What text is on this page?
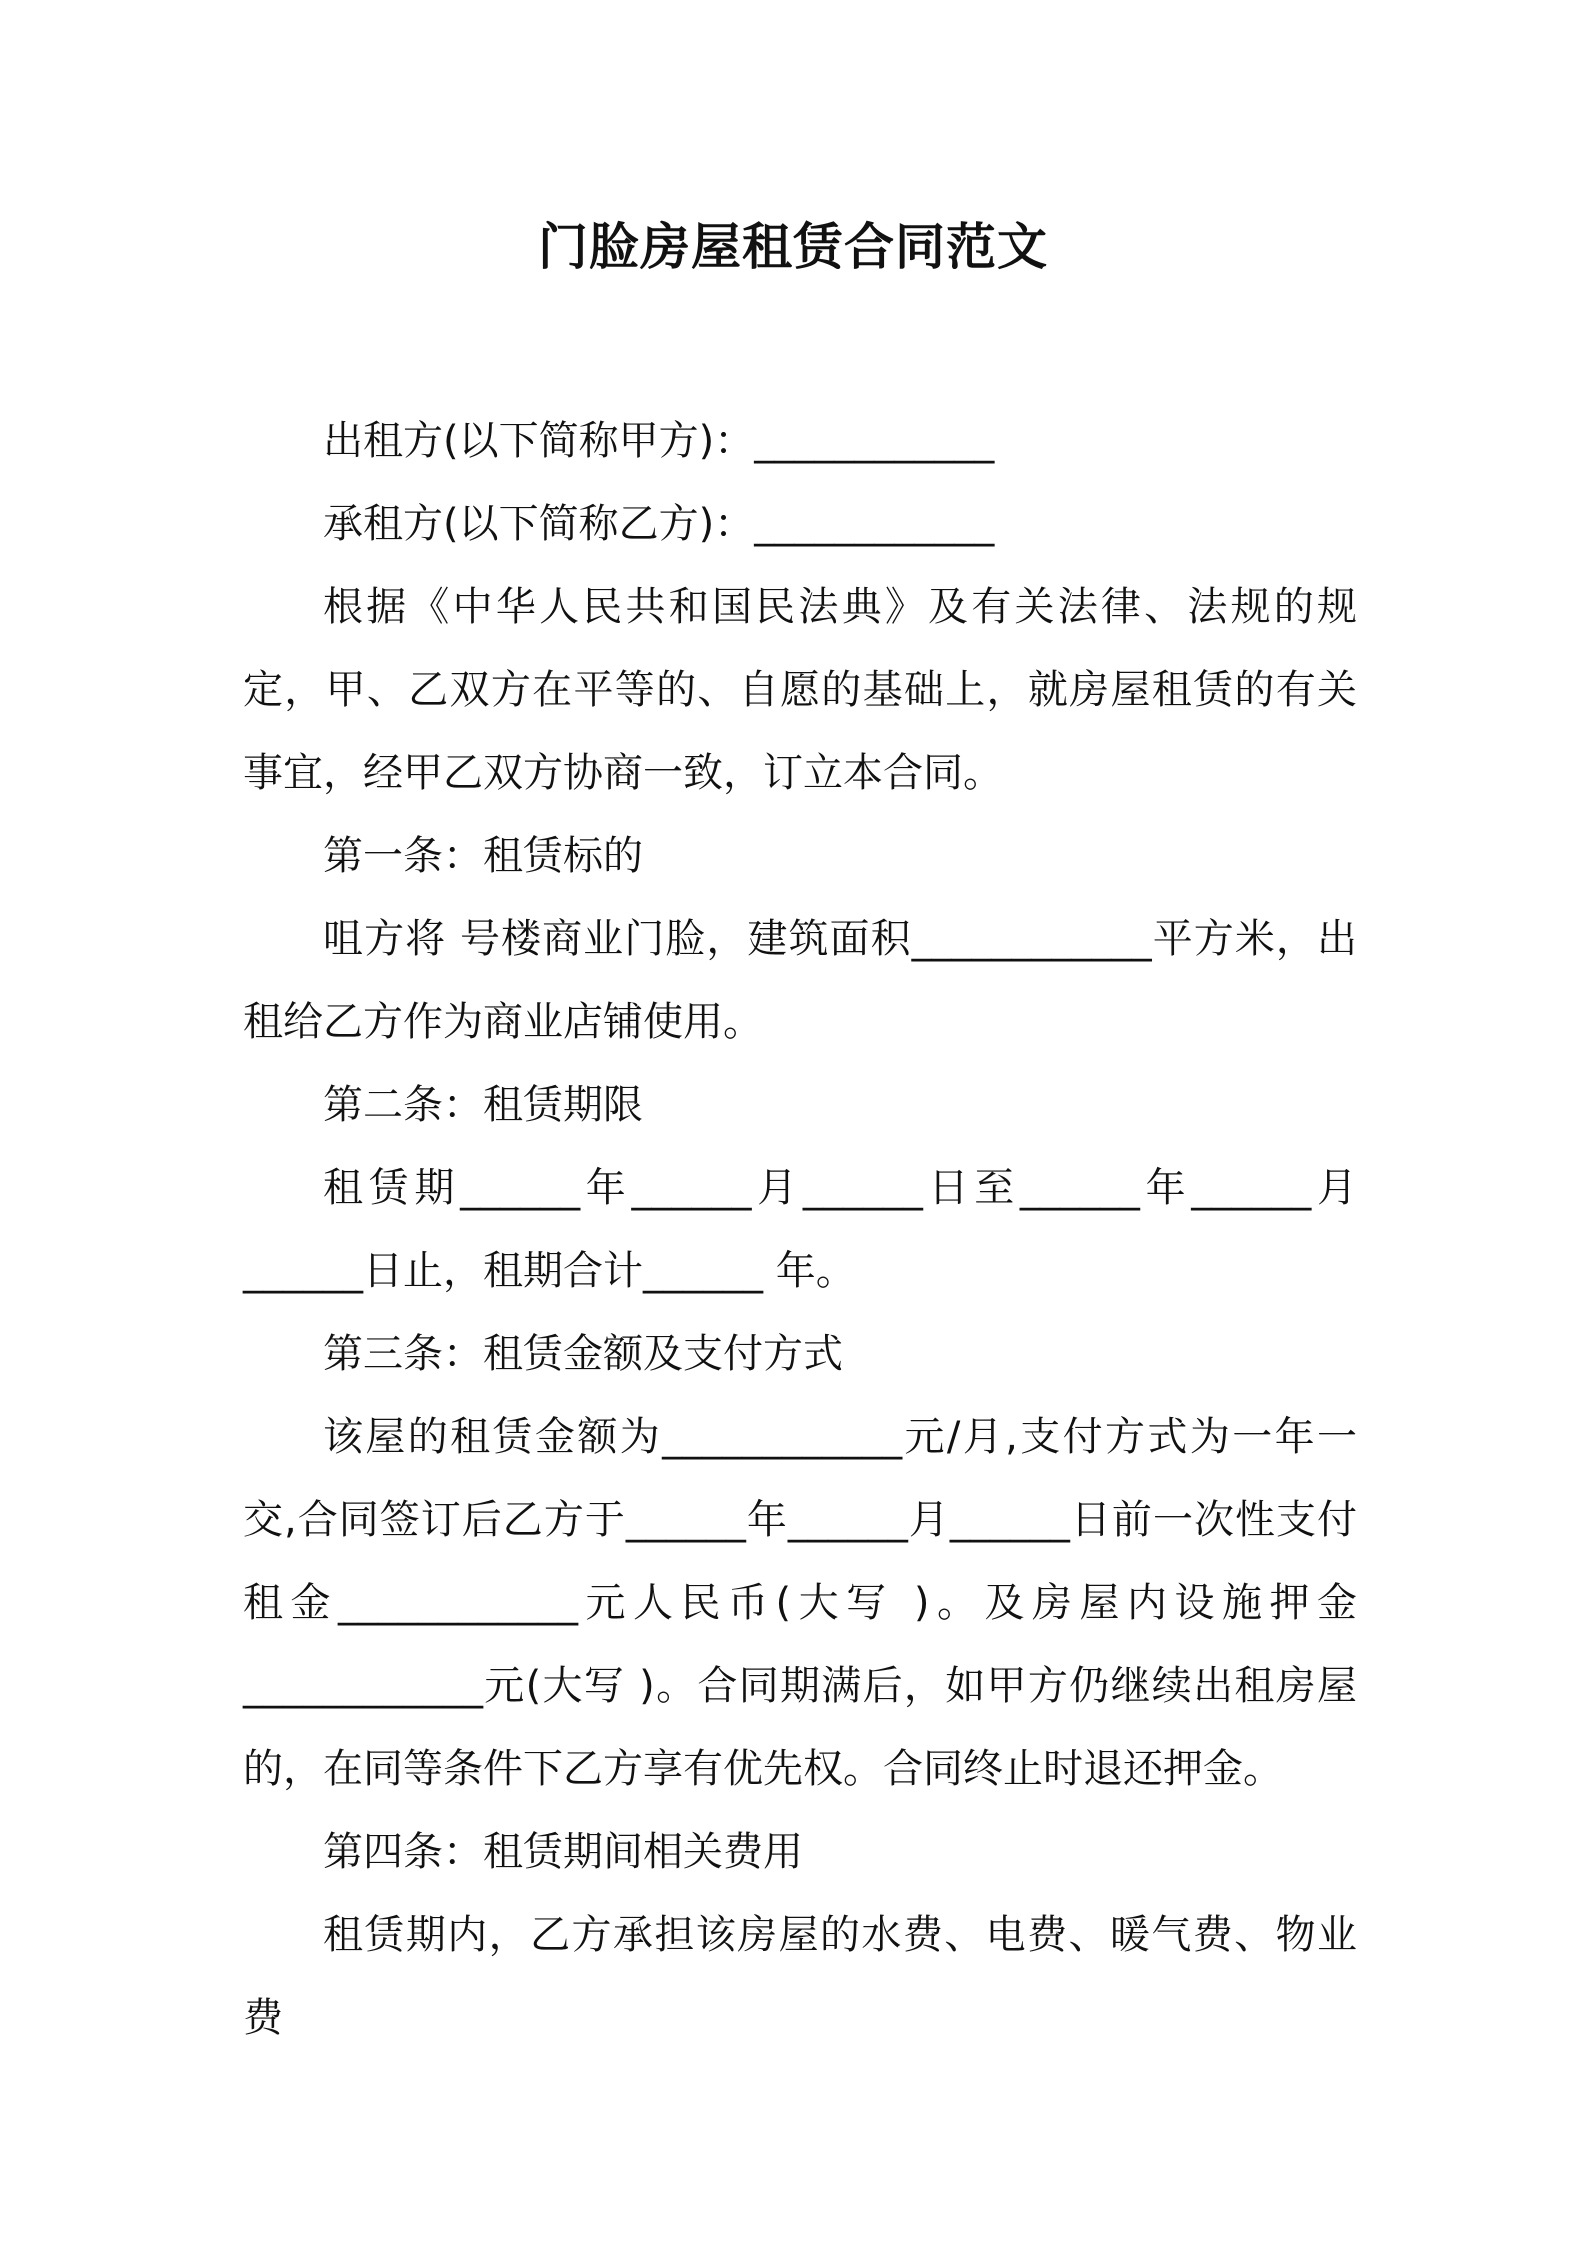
门脸房屋租赁合同范文

出租方(以下简称甲方)：____________

承租方(以下简称乙方)：____________

根据《中华人民共和国民法典》及有关法律、法规的规定，甲、乙双方在平等的、自愿的基础上，就房屋租赁的有关事宜，经甲乙双方协商一致，订立本合同。

第一条：租赁标的

咀方将 号楼商业门脸，建筑面积____________平方米，出租给乙方作为商业店铺使用。

第二条：租赁期限

租赁期______年______月______日至______年______月______日止，租期合计______ 年。

第三条：租赁金额及支付方式

该屋的租赁金额为____________元/月,支付方式为一年一交,合同签订后乙方于______年______月______日前一次性支付租金____________元人民币(大写 )。及房屋内设施押金____________元(大写 )。合同期满后，如甲方仍继续出租房屋的，在同等条件下乙方享有优先权。合同终止时退还押金。

第四条：租赁期间相关费用

租赁期内，乙方承担该房屋的水费、电费、暖气费、物业费
